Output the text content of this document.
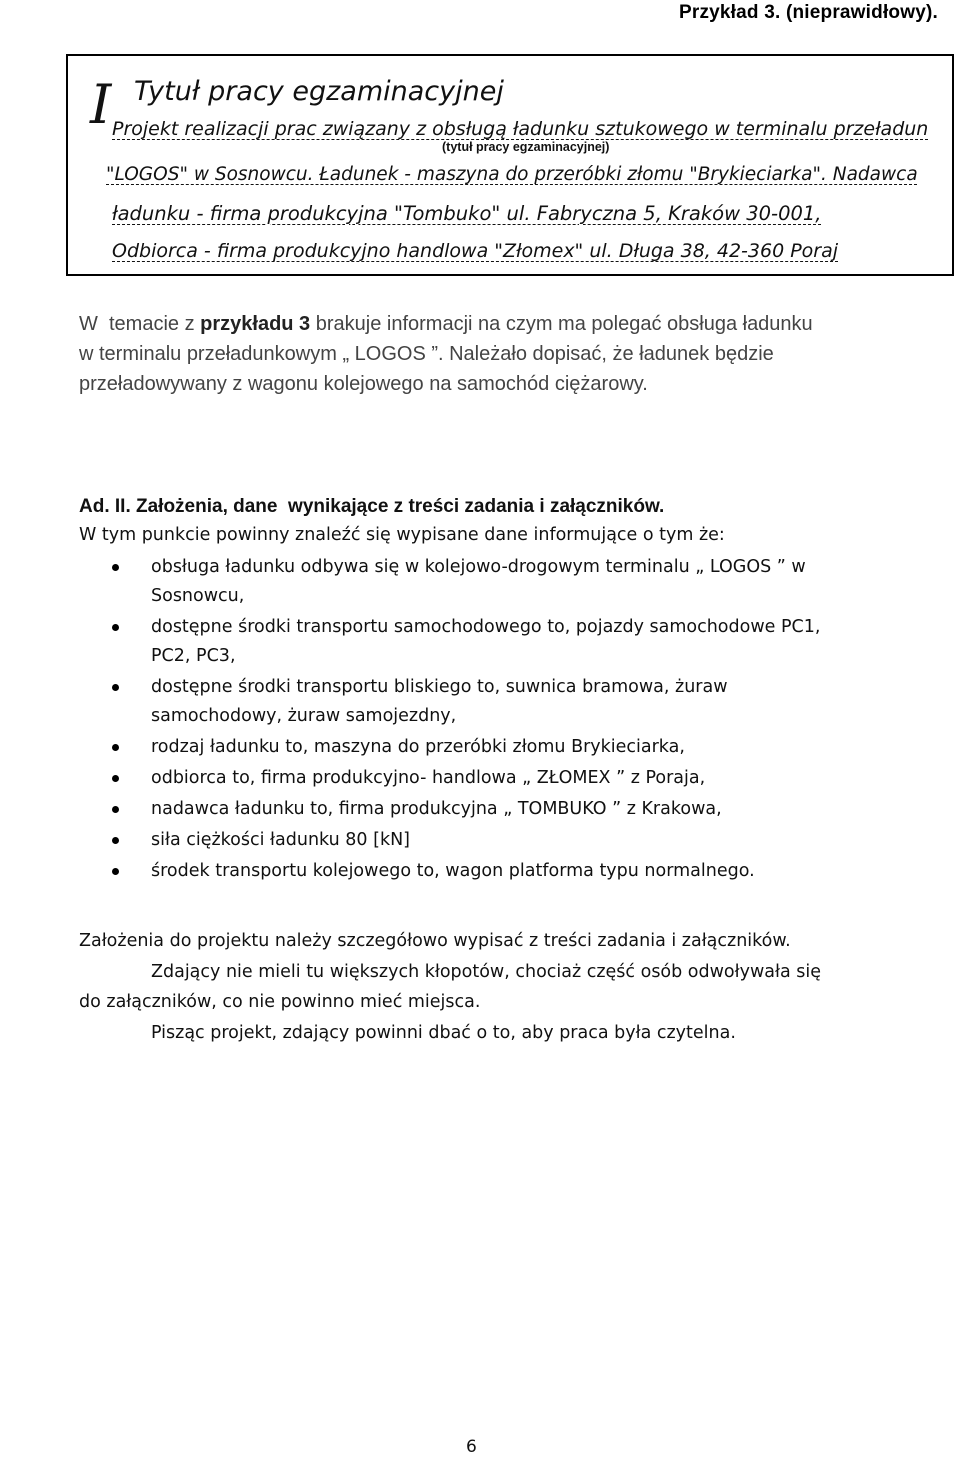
Przykład 3. (nieprawidłowy).
I Tytuł pracy egzaminacyjnej
Projekt realizacji prac związany z obsługą ładunku sztukowego w terminalu przeładun
(tytuł pracy egzaminacyjnej)
"LOGOS" w Sosnowcu. Ładunek - maszyna do przeróbki złomu "Brykieciarka". Nadawca
ładunku - firma produkcyjna "Tombuko" ul. Fabryczna 5, Kraków 30-001,
Odbiorca - firma produkcyjno handlowa "Złomex" ul. Długa 38, 42-360 Poraj
W  temacie z przykładu 3 brakuje informacji na czym ma polegać obsługa ładunku
w terminalu przeładunkowym „ LOGOS ”. Należało dopisać, że ładunek będzie
przeładowywany z wagonu kolejowego na samochód ciężarowy.
Ad. II. Założenia, dane  wynikające z treści zadania i załączników.
W tym punkcie powinny znaleźć się wypisane dane informujące o tym że:
obsługa ładunku odbywa się w kolejowo-drogowym terminalu „ LOGOS ” w
Sosnowcu,
dostępne środki transportu samochodowego to, pojazdy samochodowe PC1,
PC2, PC3,
dostępne środki transportu bliskiego to, suwnica bramowa, żuraw
samochodowy, żuraw samojezdny,
rodzaj ładunku to, maszyna do przeróbki złomu Brykieciarka,
odbiorca to, firma produkcyjno- handlowa „ ZŁOMEX ” z Poraja,
nadawca ładunku to, firma produkcyjna „ TOMBUKO ” z Krakowa,
siła ciężkości ładunku 80 [kN]
środek transportu kolejowego to, wagon platforma typu normalnego.
Założenia do projektu należy szczegółowo wypisać z treści zadania i załączników.
Zdający nie mieli tu większych kłopotów, chociaż część osób odwoływała się
do załączników, co nie powinno mieć miejsca.
Pisząc projekt, zdający powinni dbać o to, aby praca była czytelna.
6
